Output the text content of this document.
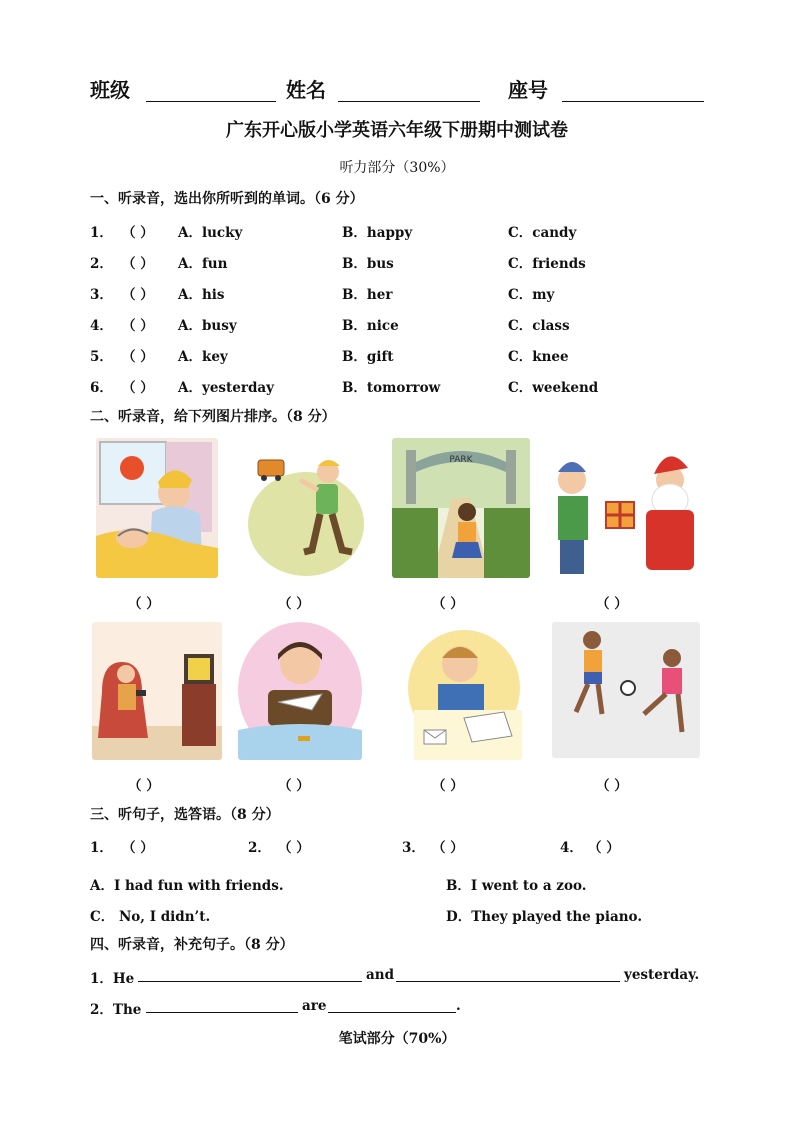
班级	姓名	座号
广东开心版小学英语六年级下册期中测试卷
听力部分（30%）
一、听录音，选出你所听到的单词。（6 分）
1． （ ） A．lucky	B．happy	C．candy
2． （ ） A．fun	B．bus	C．friends
3． （ ） A．his	B．her	C．my
4． （ ） A．busy	B．nice	C．class
5． （ ） A．key	B．gift	C．knee
6． （ ） A．yesterday	B．tomorrow	C．weekend
二、听录音，给下列图片排序。（8 分）
PARK
（ ）	（ ）	（ ）	（ ）
（ ）	（ ）	（ ）	（ ）
三、听句子，选答语。（8 分）
1． （ ）	2． （ ）	3． （ ）	4． （ ）
A．I had fun with friends.	B．I went to a zoo.
C． No, I didn’t.	D．They played the piano.
四、听录音，补充句子。（8 分）
1．He	and	yesterday.
2．The	are	.
笔试部分（70%）
